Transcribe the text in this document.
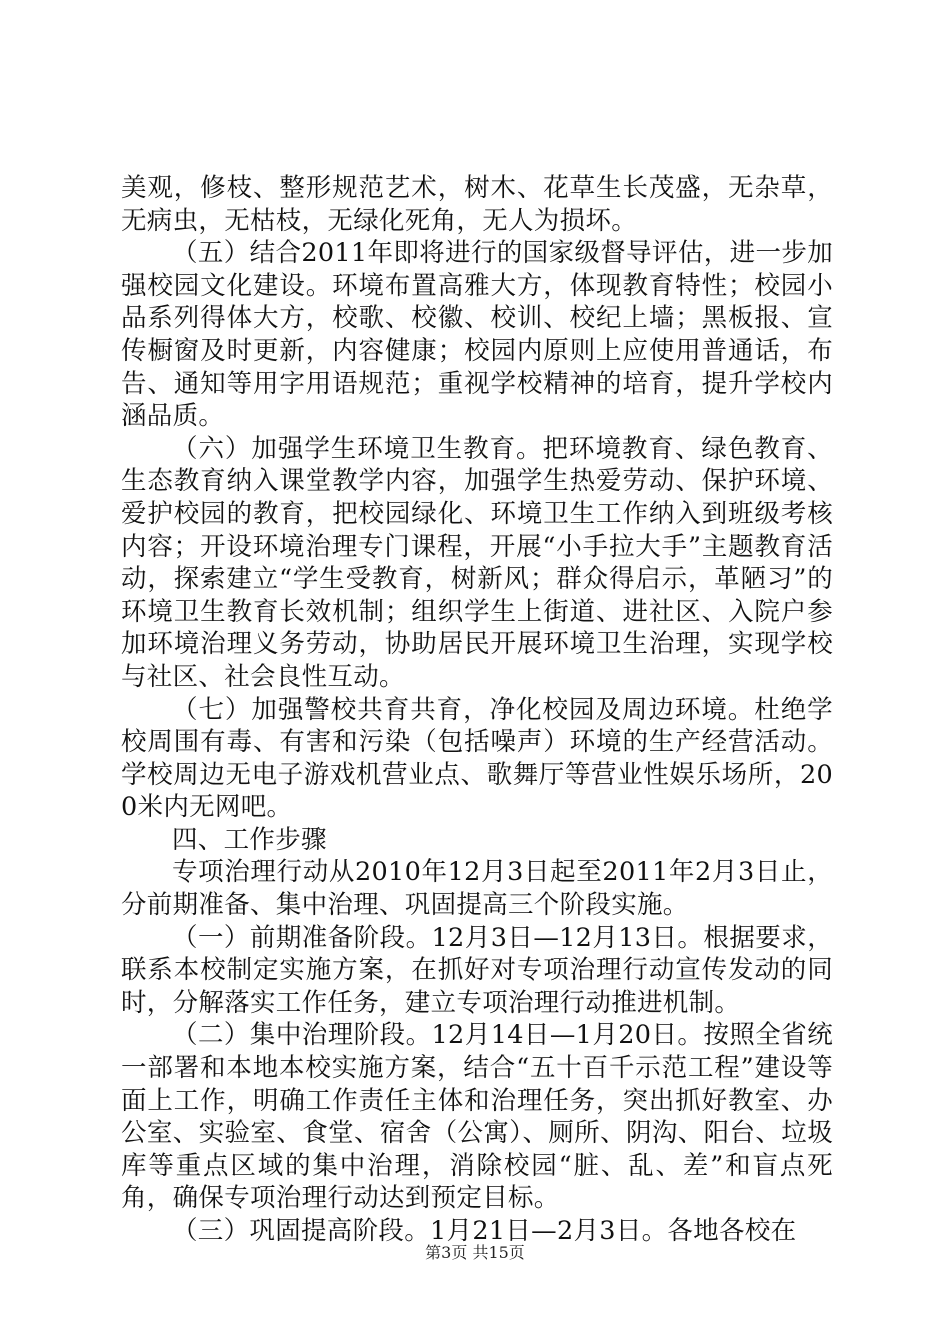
美观，修枝、整形规范艺术，树木、花草生长茂盛，无杂草，无病虫，无枯枝，无绿化死角，无人为损坏。

（五）结合2011年即将进行的国家级督导评估，进一步加强校园文化建设。环境布置高雅大方，体现教育特性；校园小品系列得体大方，校歌、校徽、校训、校纪上墙；黑板报、宣传橱窗及时更新，内容健康；校园内原则上应使用普通话，布告、通知等用字用语规范；重视学校精神的培育，提升学校内涵品质。

（六）加强学生环境卫生教育。把环境教育、绿色教育、生态教育纳入课堂教学内容，加强学生热爱劳动、保护环境、爱护校园的教育，把校园绿化、环境卫生工作纳入到班级考核内容；开设环境治理专门课程，开展“小手拉大手”主题教育活动，探索建立“学生受教育，树新风；群众得启示，革陋习”的环境卫生教育长效机制；组织学生上街道、进社区、入院户参加环境治理义务劳动，协助居民开展环境卫生治理，实现学校与社区、社会良性互动。

（七）加强警校共育共育，净化校园及周边环境。杜绝学校周围有毒、有害和污染（包括噪声）环境的生产经营活动。学校周边无电子游戏机营业点、歌舞厅等营业性娱乐场所，200米内无网吧。

四、工作步骤

专项治理行动从2010年12月3日起至2011年2月3日止，分前期准备、集中治理、巩固提高三个阶段实施。

（一）前期准备阶段。12月3日—12月13日。根据要求，联系本校制定实施方案，在抓好对专项治理行动宣传发动的同时，分解落实工作任务，建立专项治理行动推进机制。

（二）集中治理阶段。12月14日—1月20日。按照全省统一部署和本地本校实施方案，结合“五十百千示范工程”建设等面上工作，明确工作责任主体和治理任务，突出抓好教室、办公室、实验室、食堂、宿舍（公寓）、厕所、阴沟、阳台、垃圾库等重点区域的集中治理，消除校园“脏、乱、差”和盲点死角，确保专项治理行动达到预定目标。

（三）巩固提高阶段。1月21日—2月3日。各地各校在

第3页 共15页
